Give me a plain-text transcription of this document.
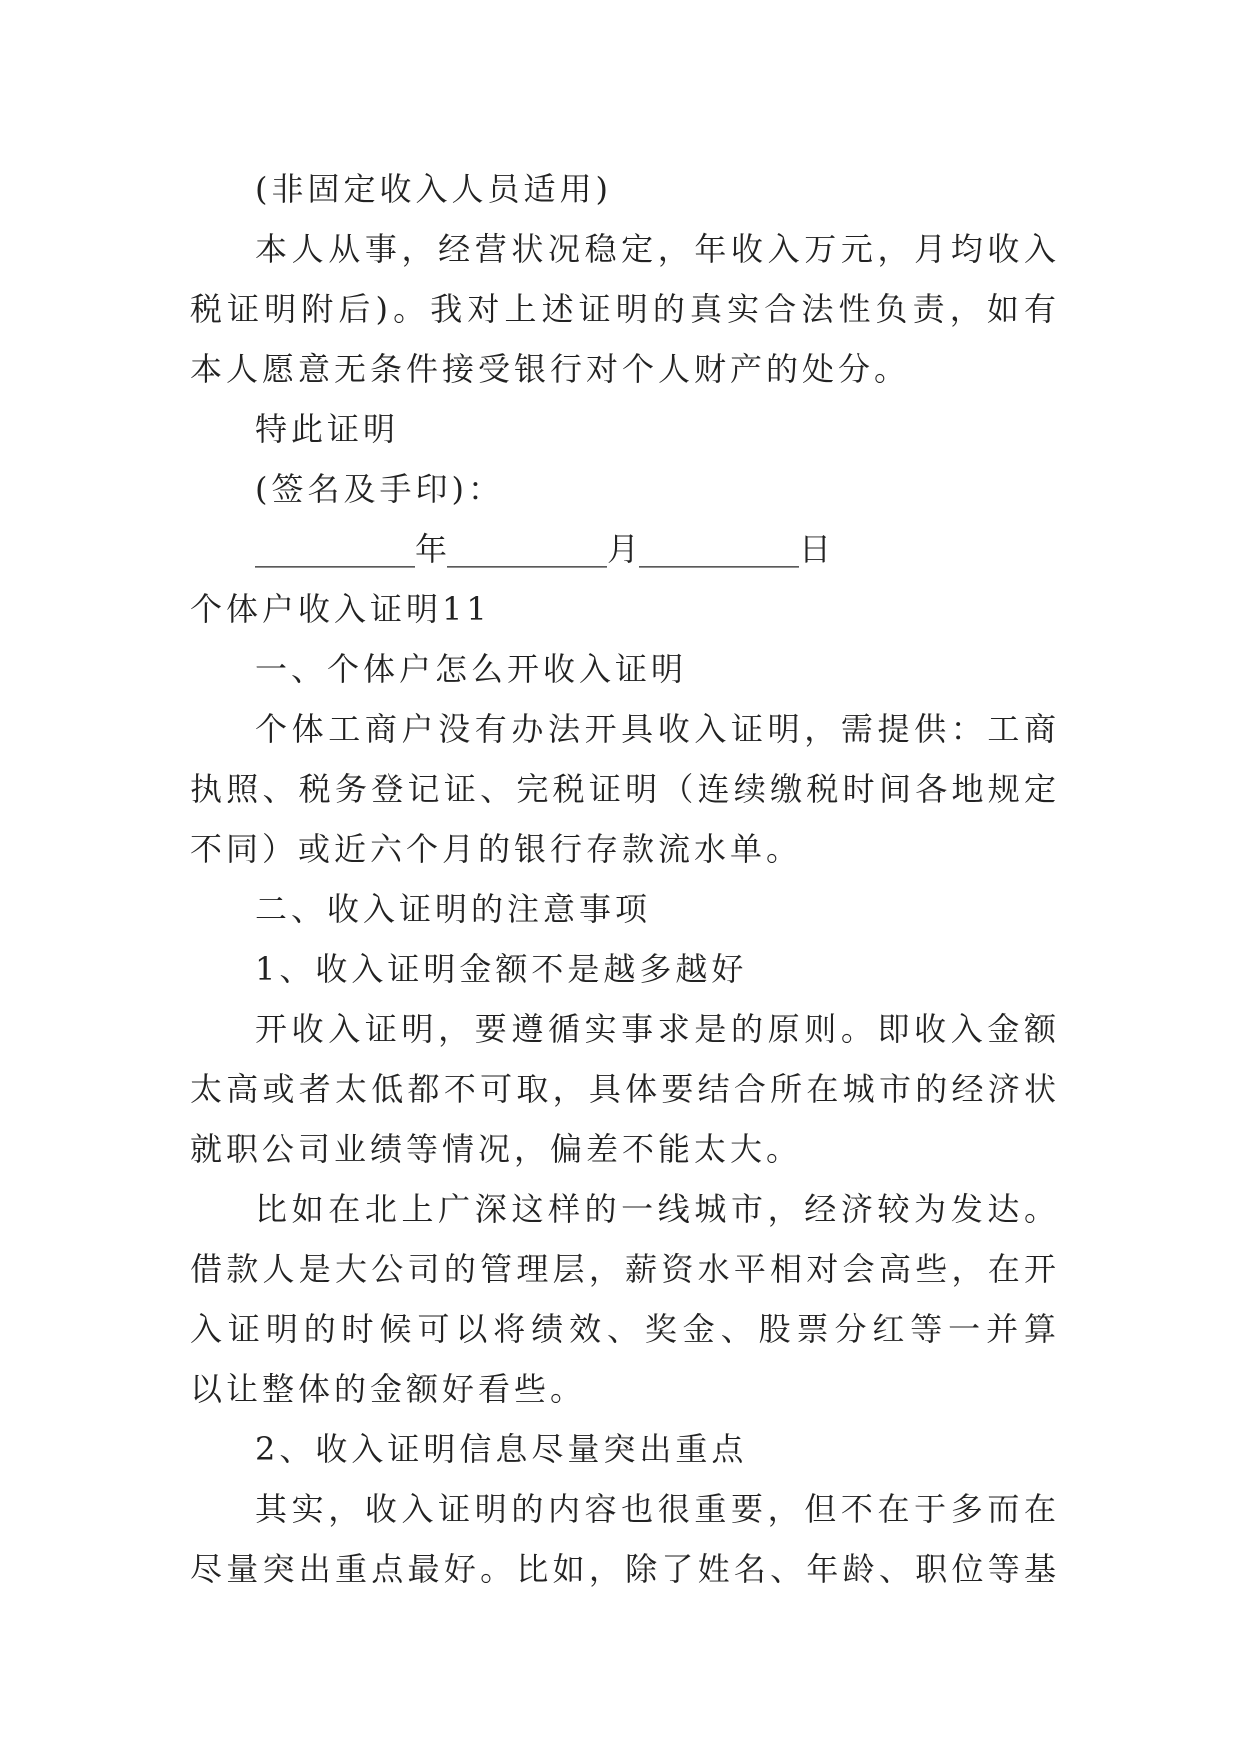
(非固定收入人员适用)
本人从事，经营状况稳定，年收入万元，月均收入
税证明附后)。我对上述证明的真实合法性负责，如有
本人愿意无条件接受银行对个人财产的处分。
特此证明
(签名及手印)：
__________年__________月__________日
个体户收入证明11
一、个体户怎么开收入证明
个体工商户没有办法开具收入证明，需提供：工商
执照、税务登记证、完税证明（连续缴税时间各地规定
不同）或近六个月的银行存款流水单。
二、收入证明的注意事项
1、收入证明金额不是越多越好
开收入证明，要遵循实事求是的原则。即收入金额
太高或者太低都不可取，具体要结合所在城市的经济状
就职公司业绩等情况，偏差不能太大。
比如在北上广深这样的一线城市，经济较为发达。
借款人是大公司的管理层，薪资水平相对会高些，在开
入证明的时候可以将绩效、奖金、股票分红等一并算
以让整体的金额好看些。
2、收入证明信息尽量突出重点
其实，收入证明的内容也很重要，但不在于多而在
尽量突出重点最好。比如，除了姓名、年龄、职位等基
